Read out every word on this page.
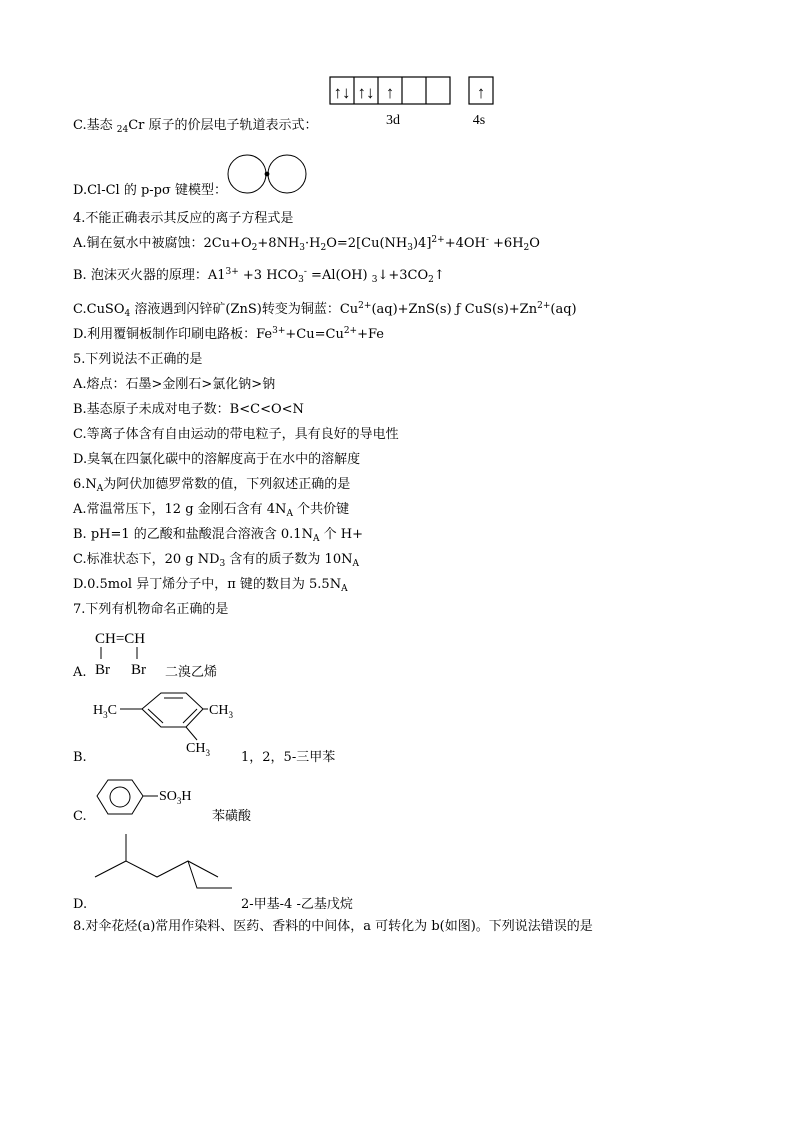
↑↓ ↑↓ ↑	↑
3d	4s
C.基态 $_{24}$Cr 原子的价层电子轨道表示式：
D.Cl-Cl 的 p-pσ 键模型：
4.不能正确表示其反应的离子方程式是
A.铜在氨水中被腐蚀：$2Cu+O_2+8NH_3\cdot H_2O=2[Cu(NH_3)4]^{2+}+4OH^- +6H_2O$
B. 泡沫灭火器的原理：$A1^{3+} +3$ $HCO_3^- =Al(OH)$ $_3↓+3CO_2↑$
C.CuSO$_4$ 溶液遇到闪锌矿(ZnS)转变为铜蓝：$Cu^{2+}(aq)+ZnS(s)$ ƒ $CuS(s)+Zn^{2+}(aq)$
D.利用覆铜板制作印刷电路板：$Fe^{3+}+Cu=Cu^{2+}+Fe$
5.下列说法不正确的是
A.熔点：石墨>金刚石>氯化钠>钠
B.基态原子未成对电子数：B<C<O<N
C.等离子体含有自由运动的带电粒子，具有良好的导电性
D.臭氧在四氯化碳中的溶解度高于在水中的溶解度
$6.N_A$为阿伏加德罗常数的值，下列叙述正确的是
A.常温常压下，12 g 金刚石含有 $4N_A$ 个共价键
B. pH=1 的乙酸和盐酸混合溶液含 $0.1N_A$ 个 H+
C.标准状态下，20 g $ND_3$ 含有的质子数为 $10N_A$
D.0.5mol 异丁烯分子中，π 键的数目为 $5.5N_A$
7.下列有机物命名正确的是
CH=CH
Br Br
A.	二溴乙烯
$H_3C$	$CH_3$
$CH_3$
B.	1，2，5-三甲苯
$SO_3H$
C.	苯磺酸
D.	2-甲基-4 -乙基戊烷
8.对伞花烃(a)常用作染料、医药、香料的中间体，a 可转化为 b(如图)。下列说法错误的是
